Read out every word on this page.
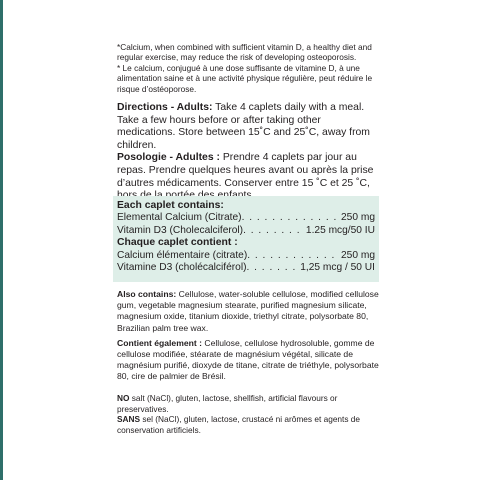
*Calcium, when combined with sufficient vitamin D, a healthy diet and regular exercise, may reduce the risk of developing osteoporosis.
* Le calcium, conjugué à une dose suffisante de vitamine D, à une alimentation saine et à une activité physique régulière, peut réduire le risque d’ostéoporose.

Directions - Adults: Take 4 caplets daily with a meal. Take a few hours before or after taking other medications. Store between 15˚C and 25˚C, away from children.

Posologie - Adultes : Prendre 4 caplets par jour au repas. Prendre quelques heures avant ou après la prise d’autres médicaments. Conserver entre 15 ˚C et 25 ˚C,

Each caplet contains:
Elemental Calcium (Citrate) . . .	250 mg
Vitamin D3 (Cholecalciferol) . . .	1.25 mcg/50 IU
Chaque caplet contient :
Calcium élémentaire (citrate) . . .	250 mg
Vitamine D3 (cholécalciférol) . . .	1,25 mcg / 50 UI

Also contains: Cellulose, water-soluble cellulose, modified cellulose gum, vegetable magnesium stearate, purified magnesium silicate, magnesium oxide, titanium dioxide, triethyl citrate, polysorbate 80, Brazilian palm tree wax.

Contient également : Cellulose, cellulose hydrosoluble, gomme de cellulose modifiée, stéarate de magnésium végétal, silicate de magnésium purifié, dioxyde de titane, citrate de triéthyle, polysorbate 80, cire de palmier de Brésil.

NO salt (NaCl), gluten, lactose, shellfish, artificial flavours or preservatives.

SANS sel (NaCl), gluten, lactose, crustacé ni arômes et agents de conservation artificiels.
